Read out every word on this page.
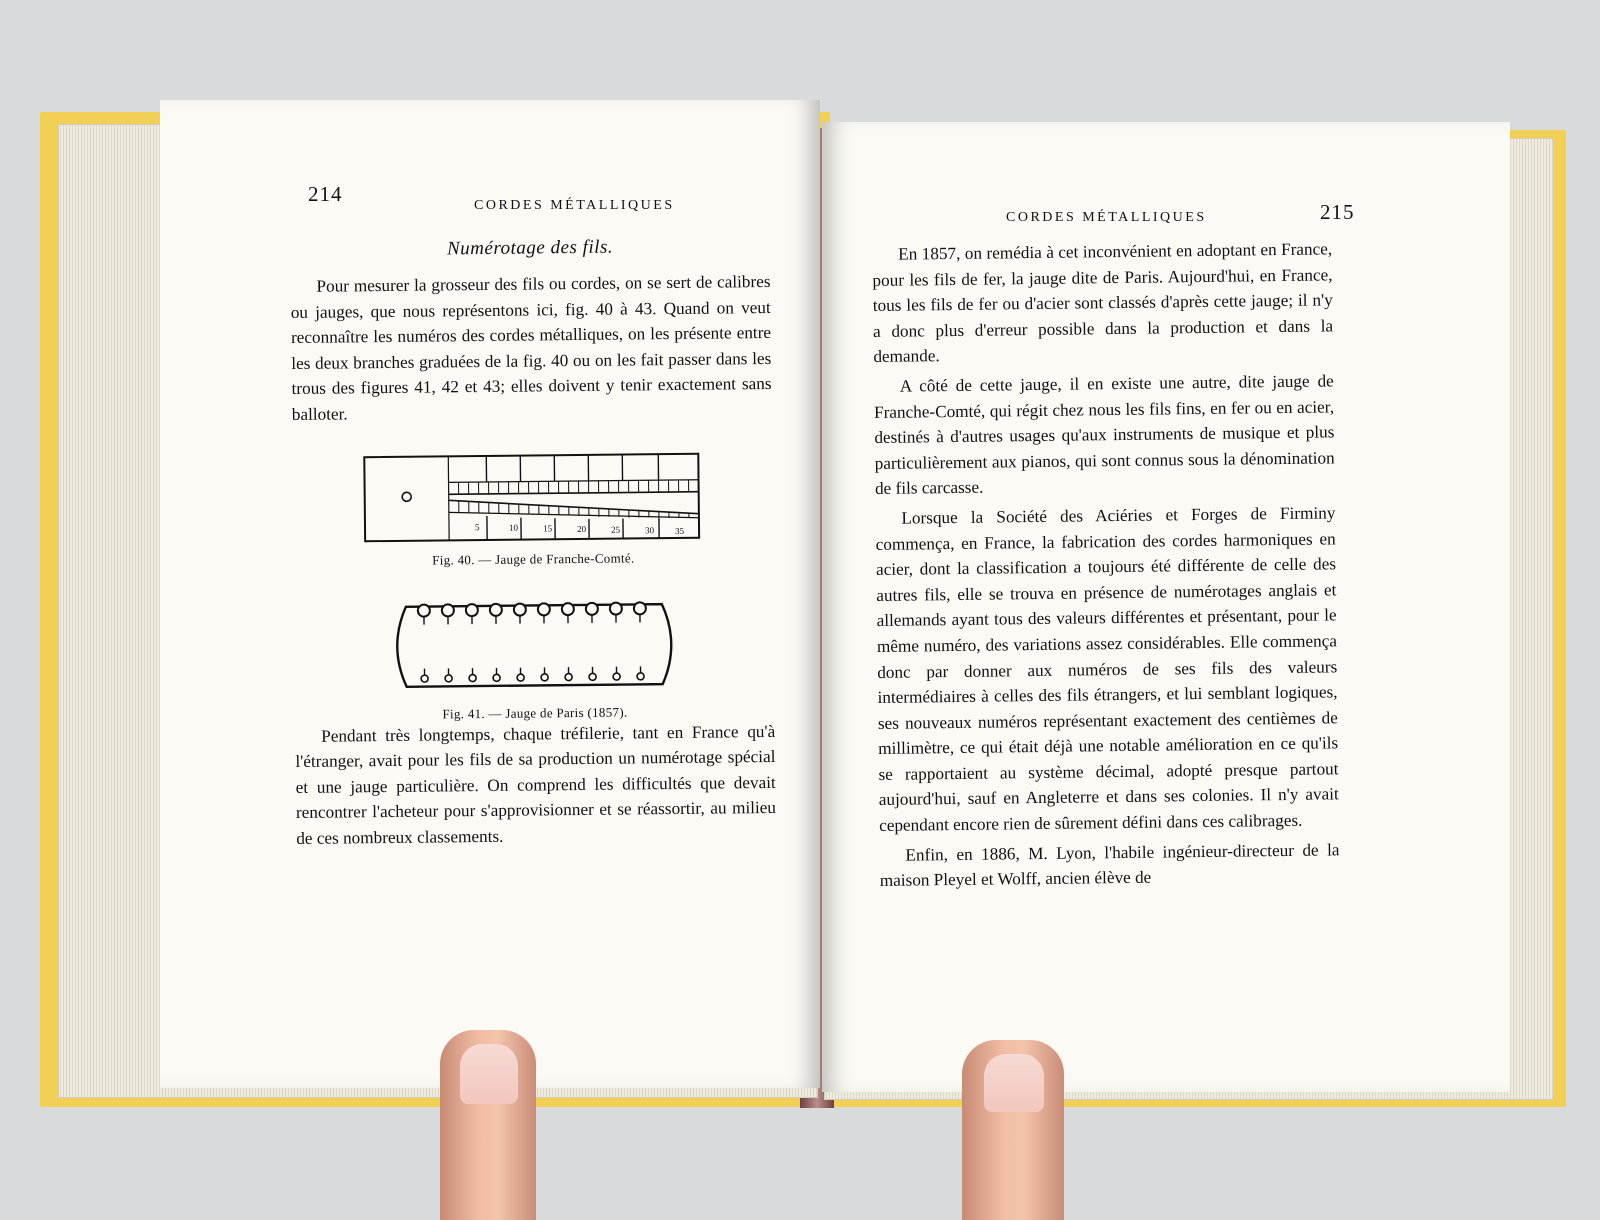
214	CORDES MÉTALLIQUES
Numérotage des fils.

Pour mesurer la grosseur des fils ou cordes, on se sert de calibres ou jauges, que nous représentons ici, fig. 40 à 43. Quand on veut reconnaître les numéros des cordes métalliques, on les présente entre les deux branches graduées de la fig. 40 ou on les fait passer dans les trous des figures 41, 42 et 43; elles doivent y tenir exactement sans balloter.

5	10	15	20	25	30 35
Fig. 40. — Jauge de Franche-Comté.
Fig. 41. — Jauge de Paris (1857).

Pendant très longtemps, chaque tréfilerie, tant en France qu'à l'étranger, avait pour les fils de sa production un numérotage spécial et une jauge particulière. On comprend les difficultés que devait rencontrer l'acheteur pour s'approvisionner et se réassortir, au milieu de ces nombreux classements.

CORDES MÉTALLIQUES	215

En 1857, on remédia à cet inconvénient en adoptant en France, pour les fils de fer, la jauge dite de Paris. Aujourd'hui, en France, tous les fils de fer ou d'acier sont classés d'après cette jauge; il n'y a donc plus d'erreur possible dans la production et dans la demande.

A côté de cette jauge, il en existe une autre, dite jauge de Franche-Comté, qui régit chez nous les fils fins, en fer ou en acier, destinés à d'autres usages qu'aux instruments de musique et plus particulièrement aux pianos, qui sont connus sous la dénomination de fils carcasse.

Lorsque la Société des Aciéries et Forges de Firminy commença, en France, la fabrication des cordes harmoniques en acier, dont la classification a toujours été différente de celle des autres fils, elle se trouva en présence de numérotages anglais et allemands ayant tous des valeurs différentes et présentant, pour le même numéro, des variations assez considérables. Elle commença donc par donner aux numéros de ses fils des valeurs intermédiaires à celles des fils étrangers, et lui semblant logiques, ses nouveaux numéros représentant exactement des centièmes de millimètre, ce qui était déjà une notable amélioration en ce qu'ils se rapportaient au système décimal, adopté presque partout aujourd'hui, sauf en Angleterre et dans ses colonies. Il n'y avait cependant encore rien de sûrement défini dans ces calibrages.

Enfin, en 1886, M. Lyon, l'habile ingénieur-directeur de la maison Pleyel et Wolff, ancien élève de
